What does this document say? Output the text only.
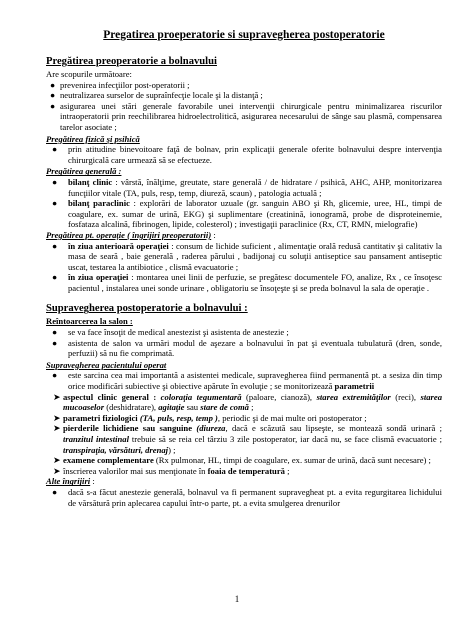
Pregatirea proeperatorie si supravegherea postoperatorie
Pregătirea preoperatorie a bolnavului
Are scopurile următoare:
● prevenirea infecţiilor post-operatorii ;
● neutralizarea surselor de supraînfecţie locale şi la distanţă ;
● asigurarea unei stări generale favorabile unei intervenţii chirurgicale pentru minimalizarea riscurilor intraoperatorii prin reechilibrarea hidroelectrolitică, asigurarea necesarului de sânge sau plasmă, compensarea tarelor asociate ;
Pregătirea fizică şi psihică
●	prin atitudine binevoitoare faţă de bolnav, prin explicaţii generale oferite bolnavului despre intervenţia chirurgicală care urmează să se efectueze.
Pregătirea generală :
●	bilanţ clinic : vârstă, înălţime, greutate, stare generală / de hidratare / psihică, AHC, AHP, monitorizarea funcţiilor vitale (TA, puls, resp, temp, diureză, scaun) , patologia actuală ;
●	bilanţ paraclinic : explorări de laborator uzuale (gr. sanguin ABO şi Rh, glicemie, uree, HL, timpi de coagulare, ex. sumar de urină, EKG) şi suplimentare (creatinină, ionogramă, probe de disproteinemie, fosfataza alcalină, fibrinogen, lipide, colesterol) ; investigaţii paraclinice (Rx, CT, RMN, mielografie)
Pregătirea pt. operaţie ( îngrijiri preoperatorii) :
●	în ziua anterioară operaţiei : consum de lichide suficient , alimentaţie orală redusă cantitativ şi calitativ la masa de seară , baie generală , raderea părului , badijonaj cu soluţii antiseptice sau pansament antiseptic uscat, testarea la antibiotice , clismă evacuatorie ;
●	în ziua operaţiei : montarea unei linii de perfuzie, se pregătesc documentele FO, analize, Rx , ce însoţesc pacientul , instalarea unei sonde urinare , obligatoriu se însoţeşte şi se preda bolnavul la sala de operaţie .
Supravegherea postoperatorie a bolnavului :
Reîntoarcerea la salon :
●	se va face însoţit de medical anestezist şi asistenta de anestezie ;
●	asistenta de salon va urmări modul de aşezare a bolnavului în pat şi eventuala tubulatură (dren, sonde, perfuzii) să nu fie comprimată.
Supravegherea pacientului operat
●	este sarcina cea mai importantă a asistentei medicale, supravegherea fiind permanentă pt. a sesiza din timp orice modificări subiective şi obiective apărute în evoluţie ; se monitorizează parametrii
➤ aspectul clinic general : coloraţia tegumentară (paloare, cianoză), starea extremităţilor (reci), starea mucoaselor (deshidratare), agitaţie sau stare de comă ;
➤ parametri fiziologici (TA, puls, resp, temp ), periodic şi de mai multe ori postoperator ;
➤ pierderile lichidiene sau sanguine (diureza, dacă e scăzută sau lipseşte, se montează sondă urinară ; tranzitul intestinal trebuie să se reia cel târziu 3 zile postoperator, iar dacă nu, se face clismă evacuatorie ; transpiraţia, vărsături, drenaj) ;
➤ examene complementare (Rx pulmonar, HL, timpi de coagulare, ex. sumar de urină, dacă sunt necesare) ;
➤ înscrierea valorilor mai sus menţionate în foaia de temperatură ;
Alte îngrijiri :
●	dacă s-a făcut anestezie generală, bolnavul va fi permanent supravegheat pt. a evita regurgitarea lichidului de vărsătură prin aplecarea capului într-o parte, pt. a evita smulgerea drenurilor
1
